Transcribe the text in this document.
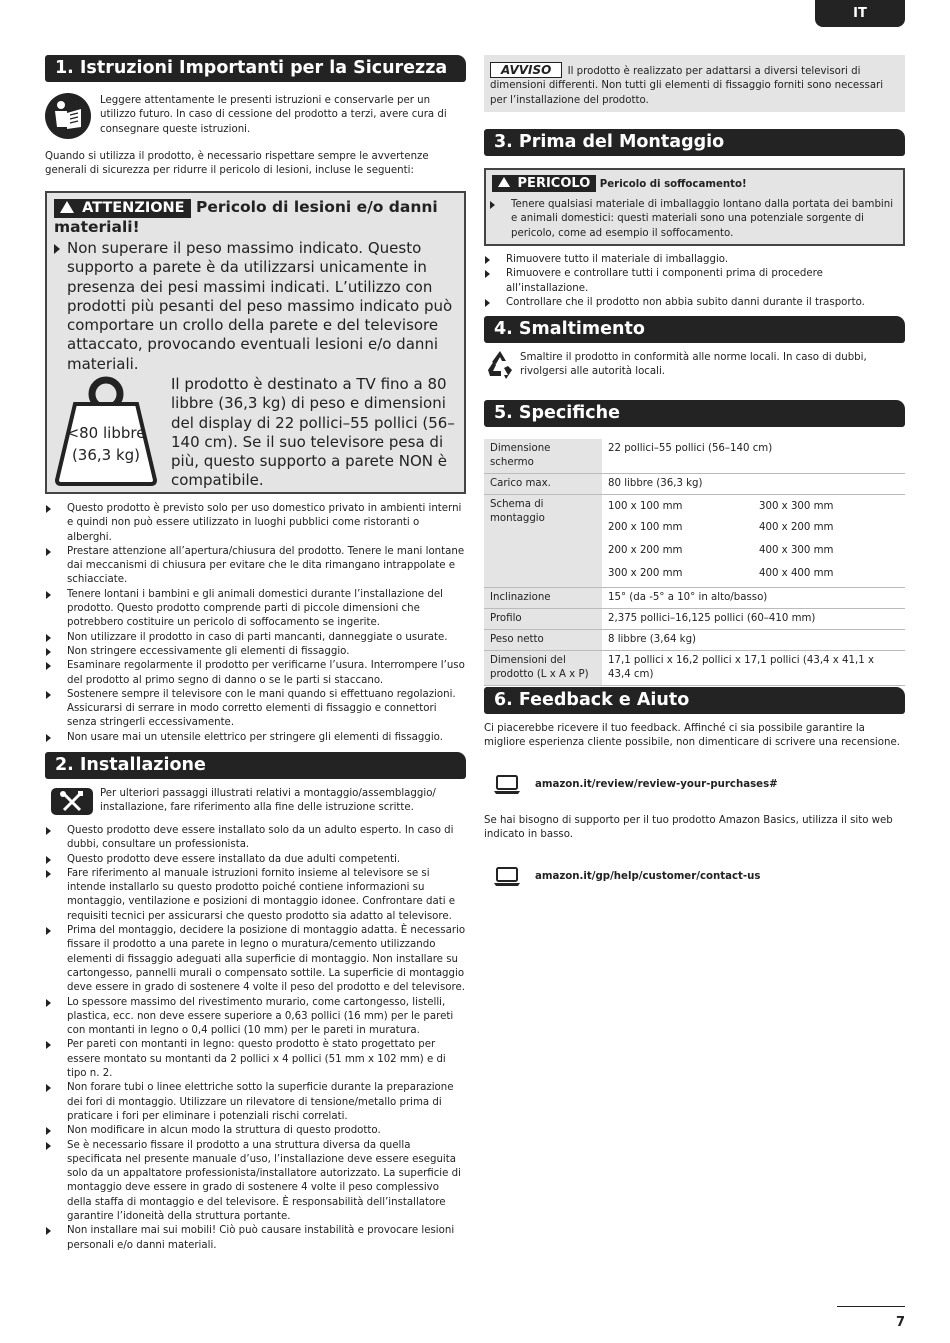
IT
1. Istruzioni Importanti per la Sicurezza
Leggere attentamente le presenti istruzioni e conservarle per un utilizzo futuro. In caso di cessione del prodotto a terzi, avere cura di consegnare queste istruzioni.
Quando si utilizza il prodotto, è necessario rispettare sempre le avvertenze generali di sicurezza per ridurre il pericolo di lesioni, incluse le seguenti:
ATTENZIONE Pericolo di lesioni e/o danni materiali!
Non superare il peso massimo indicato. Questo supporto a parete è da utilizzarsi unicamente in presenza dei pesi massimi indicati. L’utilizzo con prodotti più pesanti del peso massimo indicato può comportare un crollo della parete e del televisore attaccato, provocando eventuali lesioni e/o danni materiali.
<80 libbre
(36,3 kg)
Il prodotto è destinato a TV fino a 80 libbre (36,3 kg) di peso e dimensioni del display di 22 pollici–55 pollici (56–140 cm). Se il suo televisore pesa di più, questo supporto a parete NON è compatibile.
Questo prodotto è previsto solo per uso domestico privato in ambienti interni e quindi non può essere utilizzato in luoghi pubblici come ristoranti o alberghi.
Prestare attenzione all’apertura/chiusura del prodotto. Tenere le mani lontane dai meccanismi di chiusura per evitare che le dita rimangano intrappolate e schiacciate.
Tenere lontani i bambini e gli animali domestici durante l’installazione del prodotto. Questo prodotto comprende parti di piccole dimensioni che potrebbero costituire un pericolo di soffocamento se ingerite.
Non utilizzare il prodotto in caso di parti mancanti, danneggiate o usurate.
Non stringere eccessivamente gli elementi di fissaggio.
Esaminare regolarmente il prodotto per verificarne l’usura. Interrompere l’uso del prodotto al primo segno di danno o se le parti si staccano.
Sostenere sempre il televisore con le mani quando si effettuano regolazioni. Assicurarsi di serrare in modo corretto elementi di fissaggio e connettori senza stringerli eccessivamente.
Non usare mai un utensile elettrico per stringere gli elementi di fissaggio.
2. Installazione
Per ulteriori passaggi illustrati relativi a montaggio/assemblaggio/ installazione, fare riferimento alla fine delle istruzione scritte.
Questo prodotto deve essere installato solo da un adulto esperto. In caso di dubbi, consultare un professionista.
Questo prodotto deve essere installato da due adulti competenti.
Fare riferimento al manuale istruzioni fornito insieme al televisore se si intende installarlo su questo prodotto poiché contiene informazioni su montaggio, ventilazione e posizioni di montaggio idonee. Confrontare dati e requisiti tecnici per assicurarsi che questo prodotto sia adatto al televisore.
Prima del montaggio, decidere la posizione di montaggio adatta. È necessario fissare il prodotto a una parete in legno o muratura/cemento utilizzando elementi di fissaggio adeguati alla superficie di montaggio. Non installare su cartongesso, pannelli murali o compensato sottile. La superficie di montaggio deve essere in grado di sostenere 4 volte il peso del prodotto e del televisore.
Lo spessore massimo del rivestimento murario, come cartongesso, listelli, plastica, ecc. non deve essere superiore a 0,63 pollici (16 mm) per le pareti con montanti in legno o 0,4 pollici (10 mm) per le pareti in muratura.
Per pareti con montanti in legno: questo prodotto è stato progettato per essere montato su montanti da 2 pollici x 4 pollici (51 mm x 102 mm) e di tipo n. 2.
Non forare tubi o linee elettriche sotto la superficie durante la preparazione dei fori di montaggio. Utilizzare un rilevatore di tensione/metallo prima di praticare i fori per eliminare i potenziali rischi correlati.
Non modificare in alcun modo la struttura di questo prodotto.
Se è necessario fissare il prodotto a una struttura diversa da quella specificata nel presente manuale d’uso, l’installazione deve essere eseguita solo da un appaltatore professionista/installatore autorizzato. La superficie di montaggio deve essere in grado di sostenere 4 volte il peso complessivo della staffa di montaggio e del televisore. È responsabilità dell’installatore garantire l’idoneità della struttura portante.
Non installare mai sui mobili! Ciò può causare instabilità e provocare lesioni personali e/o danni materiali.
AVVISO Il prodotto è realizzato per adattarsi a diversi televisori di dimensioni differenti. Non tutti gli elementi di fissaggio forniti sono necessari per l’installazione del prodotto.
3. Prima del Montaggio
PERICOLO Pericolo di soffocamento!
Tenere qualsiasi materiale di imballaggio lontano dalla portata dei bambini e animali domestici: questi materiali sono una potenziale sorgente di pericolo, come ad esempio il soffocamento.
Rimuovere tutto il materiale di imballaggio.
Rimuovere e controllare tutti i componenti prima di procedere all’installazione.
Controllare che il prodotto non abbia subito danni durante il trasporto.
4. Smaltimento
Smaltire il prodotto in conformità alle norme locali. In caso di dubbi, rivolgersi alle autorità locali.
5. Specifiche
Dimensione schermo	22 pollici–55 pollici (56–140 cm)	
Carico max.	80 libbre (36,3 kg)	
Schema di montaggio	100 x 100 mm	300 x 300 mm
	200 x 100 mm	400 x 200 mm
	200 x 200 mm	400 x 300 mm
	300 x 200 mm	400 x 400 mm
Inclinazione	15° (da -5° a 10° in alto/basso)	
Profilo	2,375 pollici–16,125 pollici (60–410 mm)	
Peso netto	8 libbre (3,64 kg)	
Dimensioni del prodotto (L x A x P)	17,1 pollici x 16,2 pollici x 17,1 pollici (43,4 x 41,1 x 43,4 cm)	
6. Feedback e Aiuto
Ci piacerebbe ricevere il tuo feedback. Affinché ci sia possibile garantire la migliore esperienza cliente possibile, non dimenticare di scrivere una recensione.
amazon.it/review/review-your-purchases#
Se hai bisogno di supporto per il tuo prodotto Amazon Basics, utilizza il sito web indicato in basso.
amazon.it/gp/help/customer/contact-us
7
